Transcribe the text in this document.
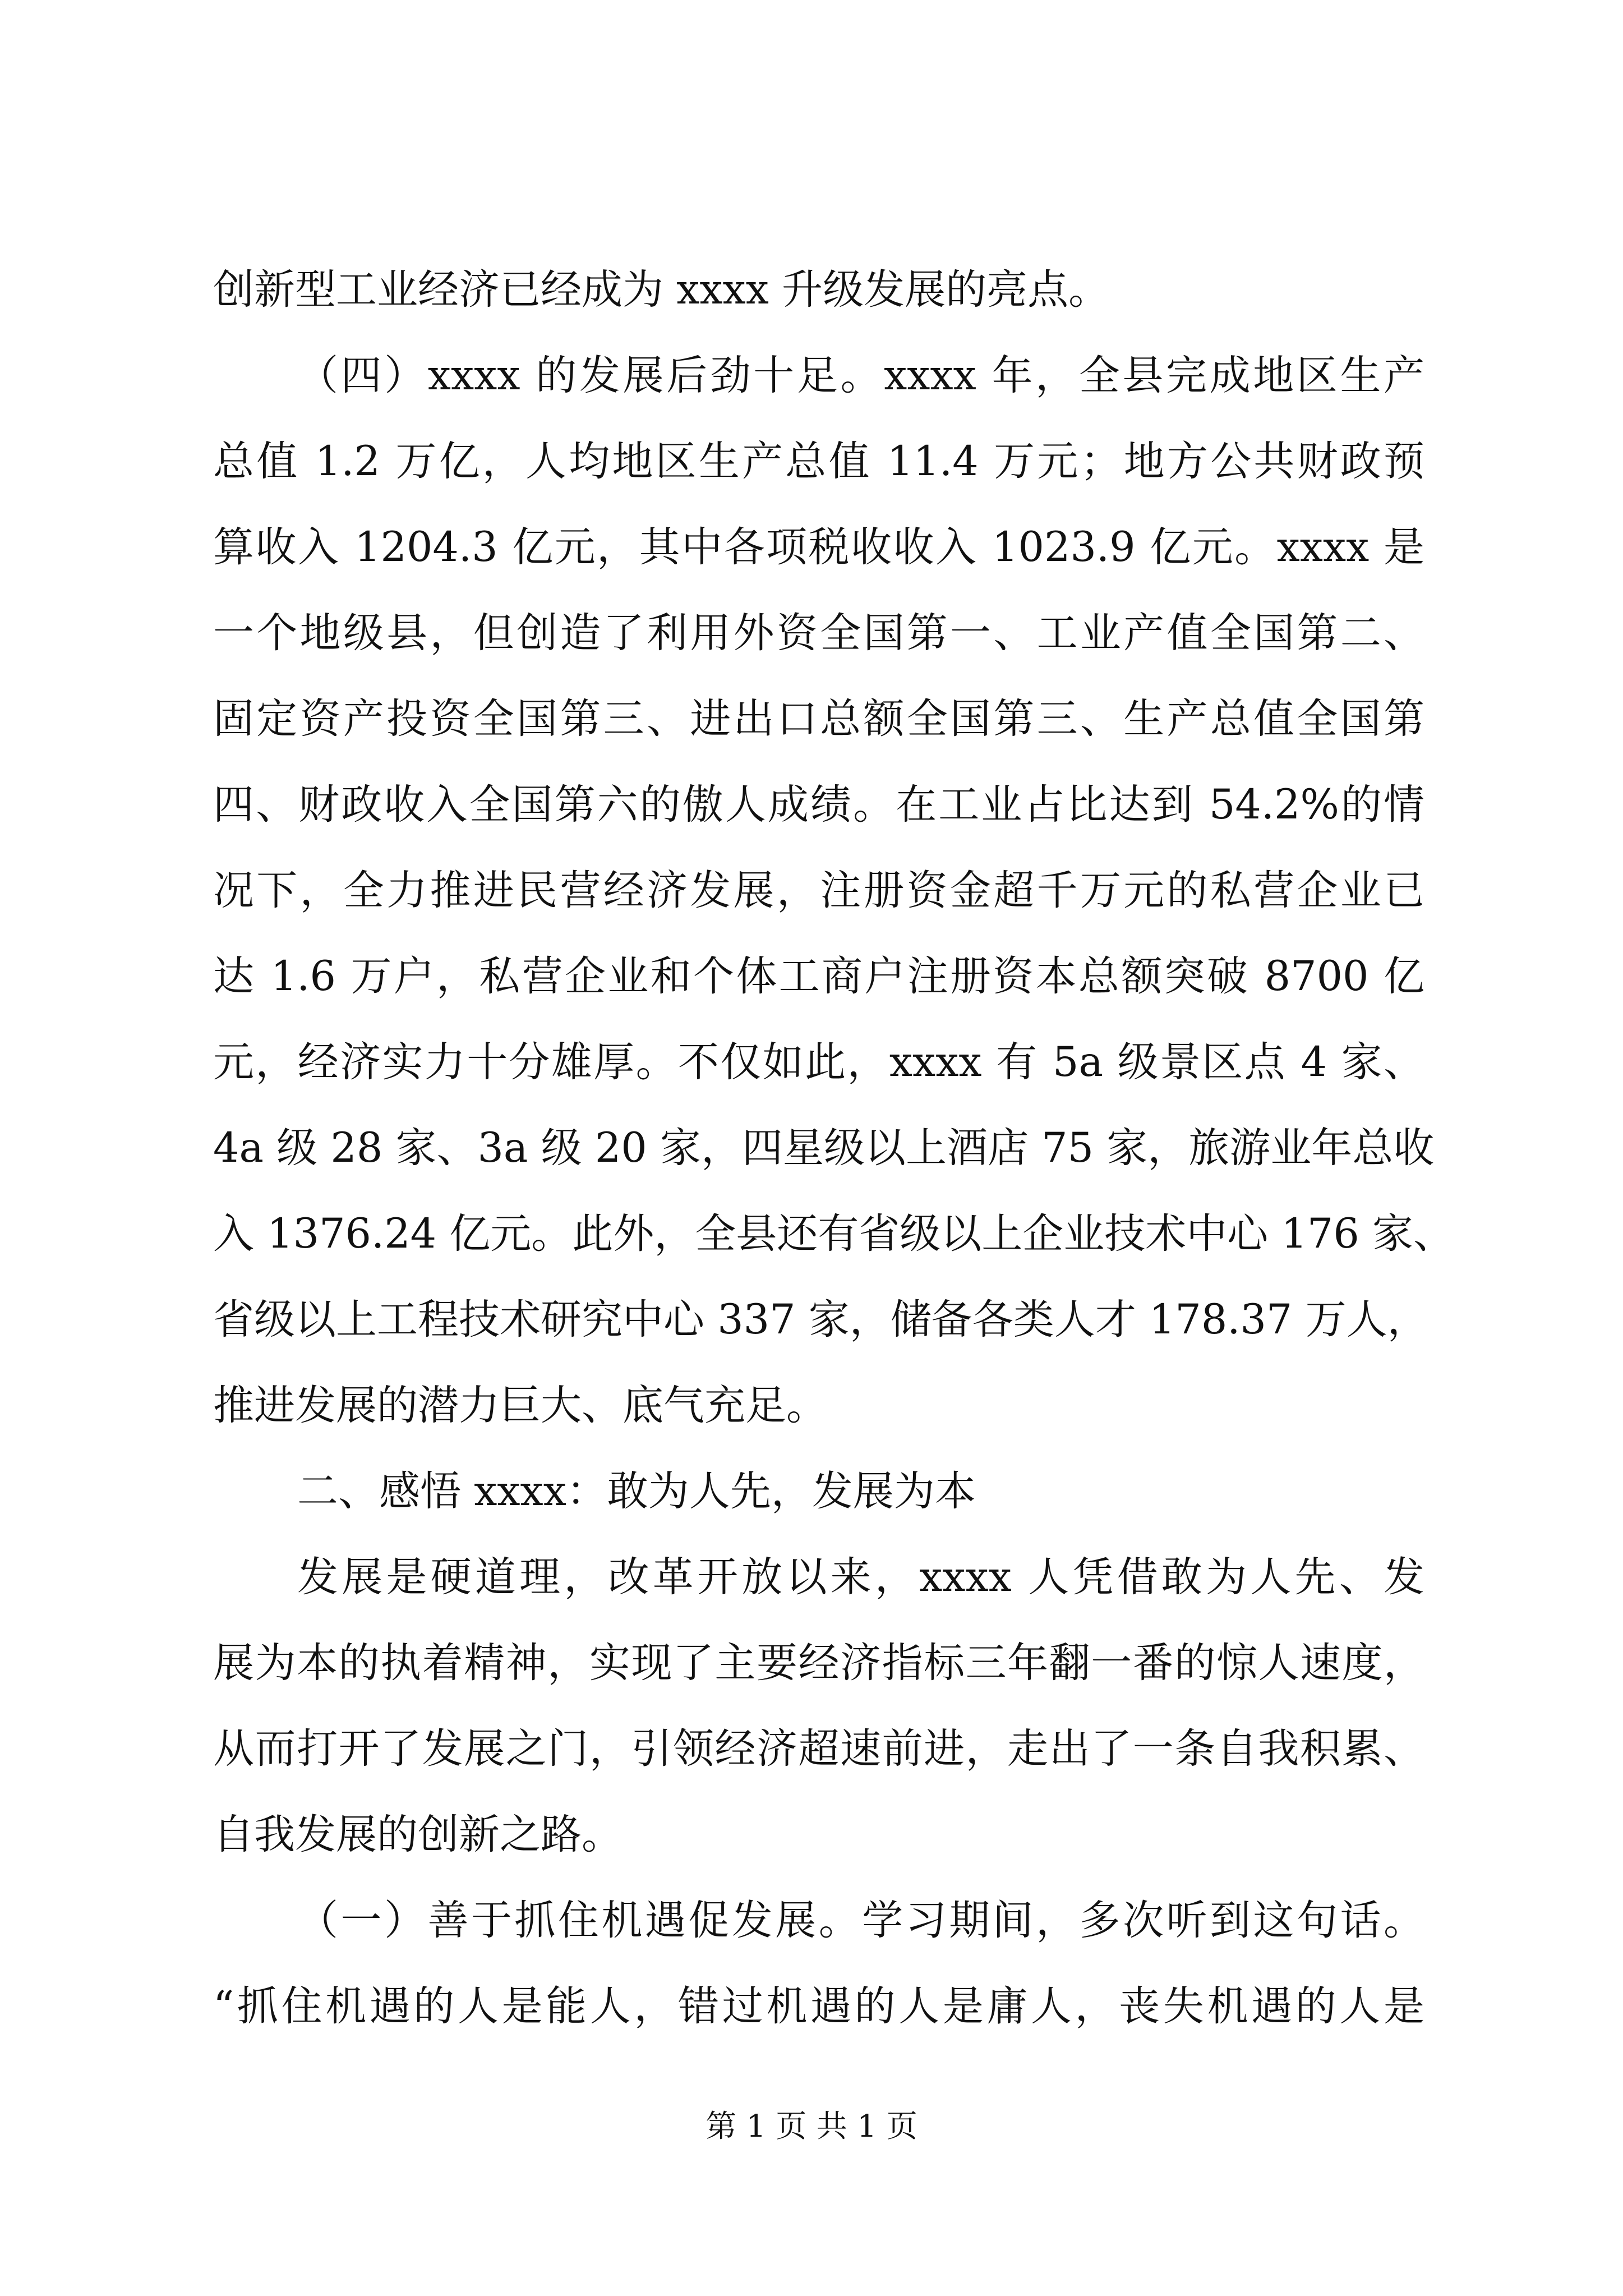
创新型工业经济已经成为 xxxx 升级发展的亮点。
（四）xxxx 的发展后劲十足。xxxx 年，全县完成地区生产
总值 1.2 万亿，人均地区生产总值 11.4 万元；地方公共财政预
算收入 1204.3 亿元，其中各项税收收入 1023.9 亿元。xxxx 是
一个地级县，但创造了利用外资全国第一、工业产值全国第二、
固定资产投资全国第三、进出口总额全国第三、生产总值全国第
四、财政收入全国第六的傲人成绩。在工业占比达到 54.2%的情
况下，全力推进民营经济发展，注册资金超千万元的私营企业已
达 1.6 万户，私营企业和个体工商户注册资本总额突破 8700 亿
元，经济实力十分雄厚。不仅如此，xxxx 有 5a 级景区点 4 家、
4a 级 28 家、3a 级 20 家，四星级以上酒店 75 家，旅游业年总收
入 1376.24 亿元。此外，全县还有省级以上企业技术中心 176 家、
省级以上工程技术研究中心 337 家，储备各类人才 178.37 万人，
推进发展的潜力巨大、底气充足。
二、感悟 xxxx：敢为人先，发展为本
发展是硬道理，改革开放以来，xxxx 人凭借敢为人先、发
展为本的执着精神，实现了主要经济指标三年翻一番的惊人速度，
从而打开了发展之门，引领经济超速前进，走出了一条自我积累、
自我发展的创新之路。
（一）善于抓住机遇促发展。学习期间，多次听到这句话。
“抓住机遇的人是能人，错过机遇的人是庸人，丧失机遇的人是
第 1 页 共 1 页
